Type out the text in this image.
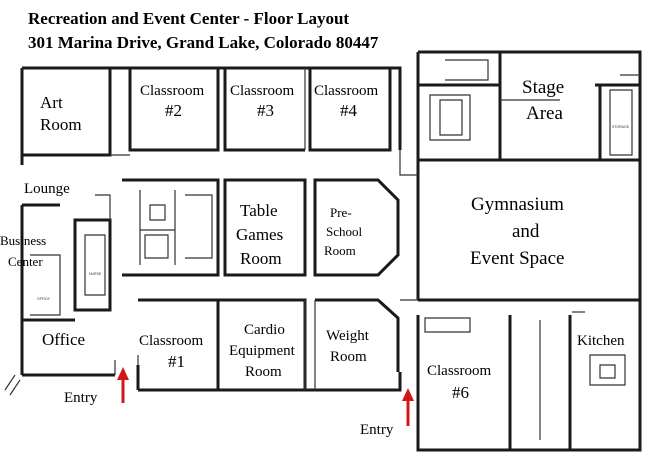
Recreation and Event Center - Floor Layout
301 Marina Drive, Grand Lake, Colorado 80447
Art
Room
Classroom
#2
Classroom
#3
Classroom
#4
Stage
Area
Lounge
Business
Center
Table
Games
Room
Pre-
School
Room
Gymnasium
and
Event Space
Office	Classroom
#1
Cardio
Equipment
Room
Weight
Room
Kitchen
Classroom
#6
NURSE
OFFICE
STORAGE
Entry
Entry
